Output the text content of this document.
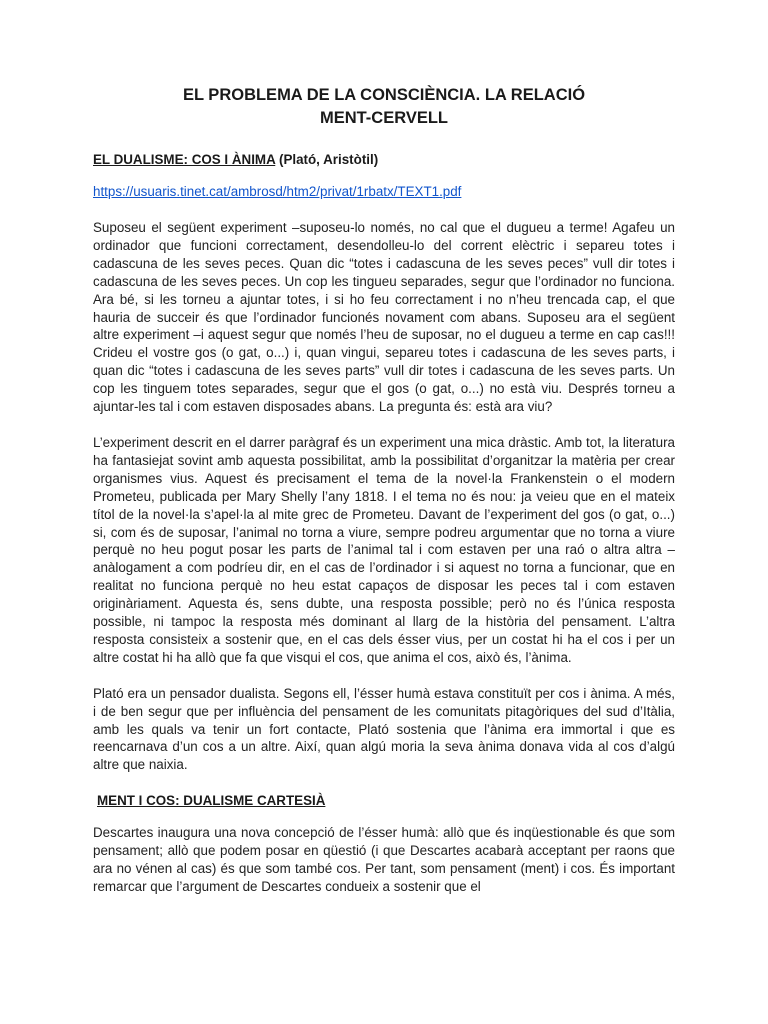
EL PROBLEMA DE LA CONSCIÈNCIA. LA RELACIÓ
MENT-CERVELL
EL DUALISME: COS I ÀNIMA (Plató, Aristòtil)
https://usuaris.tinet.cat/ambrosd/htm2/privat/1rbatx/TEXT1.pdf

Suposeu el següent experiment –suposeu-lo només, no cal que el dugueu a terme! Agafeu un ordinador que funcioni correctament, desendolleu-lo del corrent elèctric i separeu totes i cadascuna de les seves peces. Quan dic “totes i cadascuna de les seves peces” vull dir totes i cadascuna de les seves peces. Un cop les tingueu separades, segur que l’ordinador no funciona. Ara bé, si les torneu a ajuntar totes, i si ho feu correctament i no n’heu trencada cap, el que hauria de succeir és que l’ordinador funcionés novament com abans. Suposeu ara el següent altre experiment –i aquest segur que només l’heu de suposar, no el dugueu a terme en cap cas!!! Crideu el vostre gos (o gat, o...) i, quan vingui, separeu totes i cadascuna de les seves parts, i quan dic “totes i cadascuna de les seves parts” vull dir totes i cadascuna de les seves parts. Un cop les tinguem totes separades, segur que el gos (o gat, o...) no està viu. Després torneu a ajuntar-les tal i com estaven disposades abans. La pregunta és: està ara viu?

L’experiment descrit en el darrer paràgraf és un experiment una mica dràstic. Amb tot, la literatura ha fantasiejat sovint amb aquesta possibilitat, amb la possibilitat d’organitzar la matèria per crear organismes vius. Aquest és precisament el tema de la novel·la Frankenstein o el modern Prometeu, publicada per Mary Shelly l’any 1818. I el tema no és nou: ja veieu que en el mateix títol de la novel·la s’apel·la al mite grec de Prometeu. Davant de l’experiment del gos (o gat, o...) si, com és de suposar, l’animal no torna a viure, sempre podreu argumentar que no torna a viure perquè no heu pogut posar les parts de l’animal tal i com estaven per una raó o altra altra –anàlogament a com podríeu dir, en el cas de l’ordinador i si aquest no torna a funcionar, que en realitat no funciona perquè no heu estat capaços de disposar les peces tal i com estaven originàriament. Aquesta és, sens dubte, una resposta possible; però no és l’única resposta possible, ni tampoc la resposta més dominant al llarg de la història del pensament. L’altra resposta consisteix a sostenir que, en el cas dels ésser vius, per un costat hi ha el cos i per un altre costat hi ha allò que fa que visqui el cos, que anima el cos, això és, l’ànima.

Plató era un pensador dualista. Segons ell, l’ésser humà estava constituït per cos i ànima. A més, i de ben segur que per influència del pensament de les comunitats pitagòriques del sud d’Itàlia, amb les quals va tenir un fort contacte, Plató sostenia que l’ànima era immortal i que es reencarnava d’un cos a un altre. Així, quan algú moria la seva ànima donava vida al cos d’algú altre que naixia.

MENT I COS: DUALISME CARTESIÀ

Descartes inaugura una nova concepció de l’ésser humà: allò que és inqüestionable és que som pensament; allò que podem posar en qüestió (i que Descartes acabarà acceptant per raons que ara no vénen al cas) és que som també cos. Per tant, som pensament (ment) i cos. És important remarcar que l’argument de Descartes condueix a sostenir que el
